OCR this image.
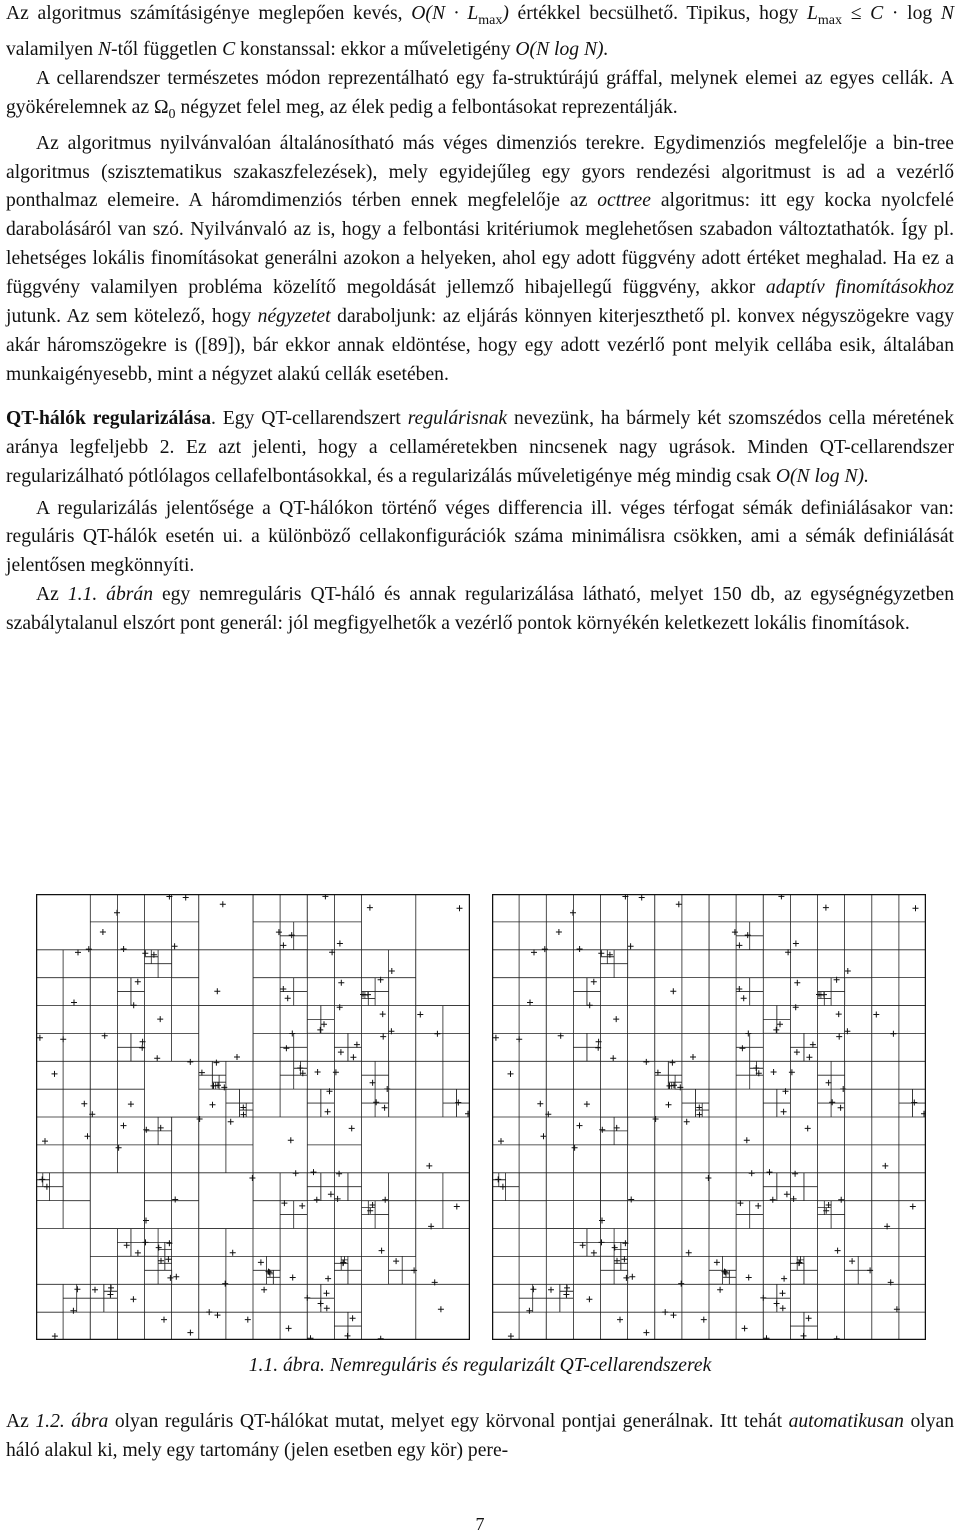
Az algoritmus számításigénye meglepően kevés, $O(N \cdot L_{max})$ értékkel becsülhető. Tipikus, hogy $L_{max} \le C \cdot \log N$ valamilyen N-től független C konstanssal: ekkor a műveletigény O(N log N).

A cellarendszer természetes módon reprezentálható egy fa-struktúrájú gráffal, melynek elemei az egyes cellák. A gyökérelemnek az $\Omega_0$ négyzet felel meg, az élek pedig a felbontásokat reprezentálják.

Az algoritmus nyilvánvalóan általánosítható más véges dimenziós terekre. Egydimenziós megfelelője a bin-tree algoritmus (szisztematikus szakaszfelezések), mely egyidejűleg egy gyors rendezési algoritmust is ad a vezérlő ponthalmaz elemeire. A háromdimenziós térben ennek megfelelője az octtree algoritmus: itt egy kocka nyolcfelé darabolásáról van szó. Nyilvánvaló az is, hogy a felbontási kritériumok meglehetősen szabadon változtathatók. Így pl. lehetséges lokális finomításokat generálni azokon a helyeken, ahol egy adott függvény adott értéket meghalad. Ha ez a függvény valamilyen probléma közelítő megoldását jellemző hibajellegű függvény, akkor adaptív finomításokhoz jutunk. Az sem kötelező, hogy négyzetet daraboljunk: az eljárás könnyen kiterjeszthető pl. konvex négyszögekre vagy akár háromszögekre is ([89]), bár ekkor annak eldöntése, hogy egy adott vezérlő pont melyik cellába esik, általában munkaigényesebb, mint a négyzet alakú cellák esetében.

QT-hálók regularizálása. Egy QT-cellarendszert regulárisnak nevezünk, ha bármely két szomszédos cella méretének aránya legfeljebb 2. Ez azt jelenti, hogy a cellaméretekben nincsenek nagy ugrások. Minden QT-cellarendszer regularizálható pótlólagos cellafelbontásokkal, és a regularizálás műveletigénye még mindig csak O(N log N).

A regularizálás jelentősége a QT-hálókon történő véges differencia ill. véges térfogat sémák definiálásakor van: reguláris QT-hálók esetén ui. a különböző cellakonfigurációk száma minimálisra csökken, ami a sémák definiálását jelentősen megkönnyíti.

Az 1.1. ábrán egy nemreguláris QT-háló és annak regularizálása látható, melyet 150 db, az egységnégyzetben szabálytalanul elszórt pont generál: jól megfigyelhetők a vezérlő pontok környékén keletkezett lokális finomítások.

1.1. ábra. Nemreguláris és regularizált QT-cellarendszerek

Az 1.2. ábra olyan reguláris QT-hálókat mutat, melyet egy körvonal pontjai generálnak. Itt tehát automatikusan olyan háló alakul ki, mely egy tartomány (jelen esetben egy kör) pere-

7
